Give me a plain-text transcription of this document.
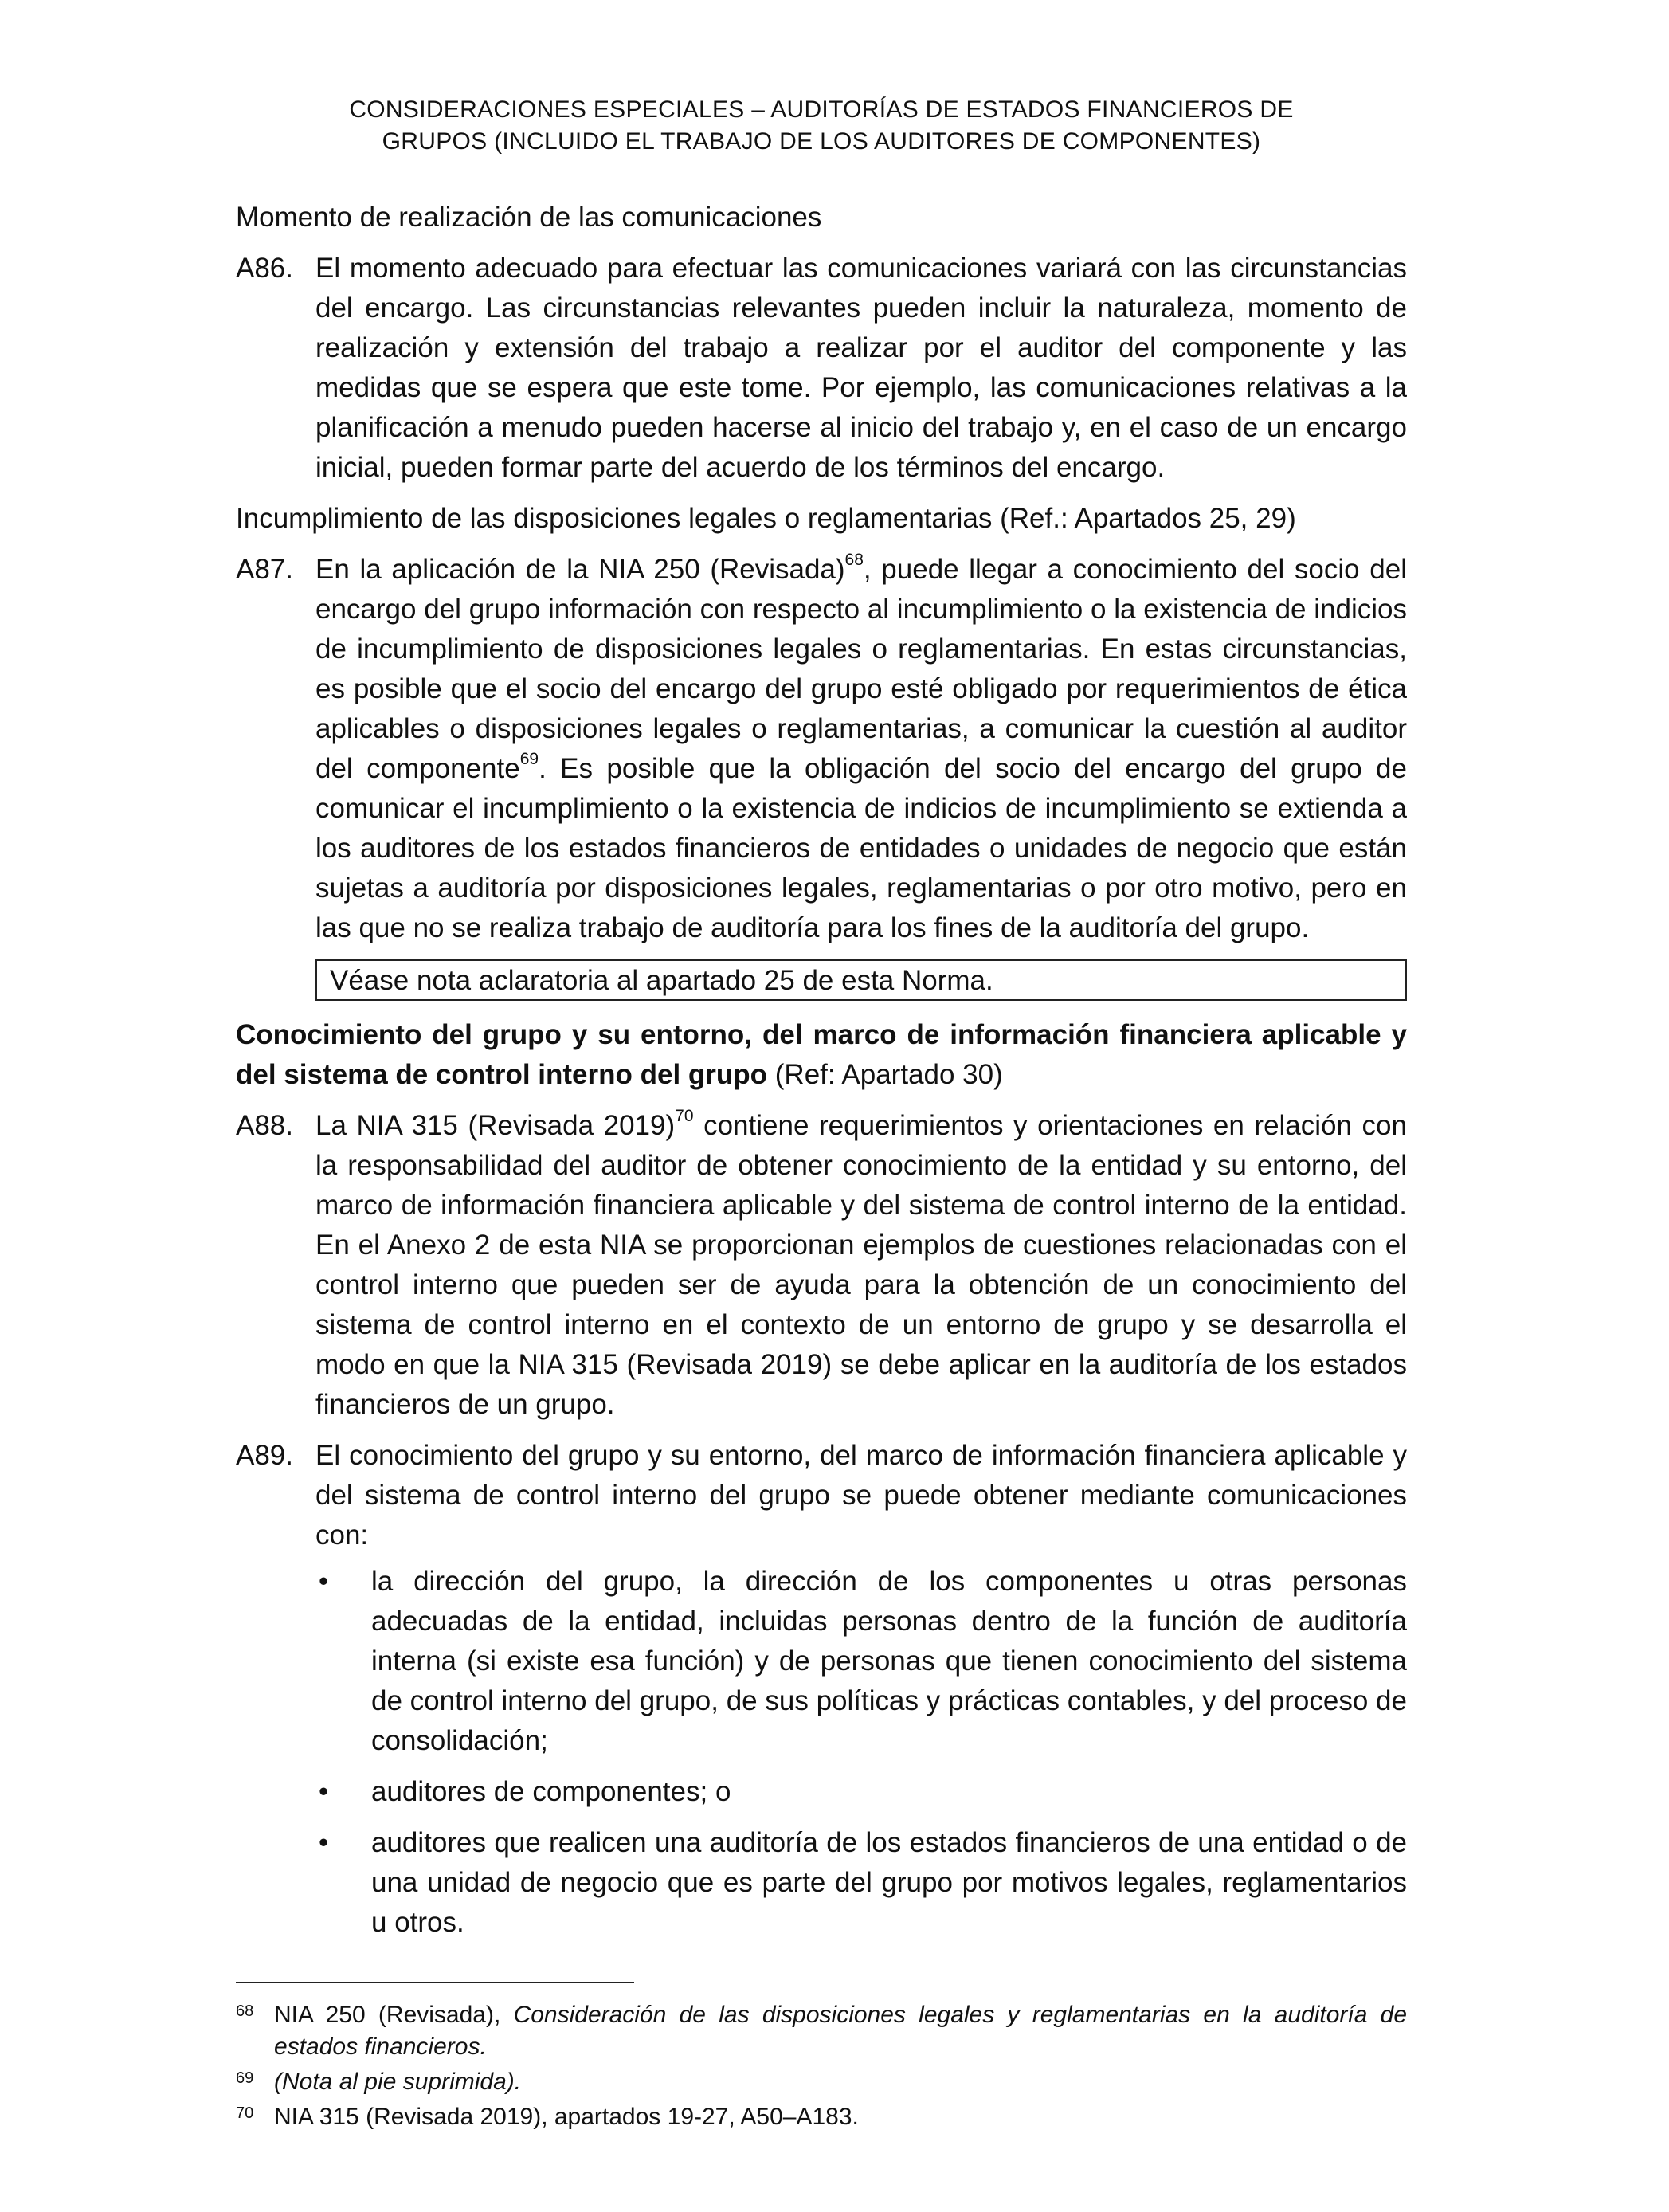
CONSIDERACIONES ESPECIALES – AUDITORÍAS DE ESTADOS FINANCIEROS DE
GRUPOS (INCLUIDO EL TRABAJO DE LOS AUDITORES DE COMPONENTES)
Momento de realización de las comunicaciones
A86. El momento adecuado para efectuar las comunicaciones variará con las circunstancias del encargo. Las circunstancias relevantes pueden incluir la naturaleza, momento de realización y extensión del trabajo a realizar por el auditor del componente y las medidas que se espera que este tome. Por ejemplo, las comunicaciones relativas a la planificación a menudo pueden hacerse al inicio del trabajo y, en el caso de un encargo inicial, pueden formar parte del acuerdo de los términos del encargo.
Incumplimiento de las disposiciones legales o reglamentarias (Ref.: Apartados 25, 29)
A87. En la aplicación de la NIA 250 (Revisada)$^{68}$, puede llegar a conocimiento del socio del encargo del grupo información con respecto al incumplimiento o la existencia de indicios de incumplimiento de disposiciones legales o reglamentarias. En estas circunstancias, es posible que el socio del encargo del grupo esté obligado por requerimientos de ética aplicables o disposiciones legales o reglamentarias, a comunicar la cuestión al auditor del componente$^{69}$. Es posible que la obligación del socio del encargo del grupo de comunicar el incumplimiento o la existencia de indicios de incumplimiento se extienda a los auditores de los estados financieros de entidades o unidades de negocio que están sujetas a auditoría por disposiciones legales, reglamentarias o por otro motivo, pero en las que no se realiza trabajo de auditoría para los fines de la auditoría del grupo.
Véase nota aclaratoria al apartado 25 de esta Norma.
Conocimiento del grupo y su entorno, del marco de información financiera aplicable y del sistema de control interno del grupo (Ref: Apartado 30)
A88. La NIA 315 (Revisada 2019)$^{70}$ contiene requerimientos y orientaciones en relación con la responsabilidad del auditor de obtener conocimiento de la entidad y su entorno, del marco de información financiera aplicable y del sistema de control interno de la entidad. En el Anexo 2 de esta NIA se proporcionan ejemplos de cuestiones relacionadas con el control interno que pueden ser de ayuda para la obtención de un conocimiento del sistema de control interno en el contexto de un entorno de grupo y se desarrolla el modo en que la NIA 315 (Revisada 2019) se debe aplicar en la auditoría de los estados financieros de un grupo.
A89. El conocimiento del grupo y su entorno, del marco de información financiera aplicable y del sistema de control interno del grupo se puede obtener mediante comunicaciones con:
•	la dirección del grupo, la dirección de los componentes u otras personas adecuadas de la entidad, incluidas personas dentro de la función de auditoría interna (si existe esa función) y de personas que tienen conocimiento del sistema de control interno del grupo, de sus políticas y prácticas contables, y del proceso de consolidación;
•	auditores de componentes; o
•	auditores que realicen una auditoría de los estados financieros de una entidad o de una unidad de negocio que es parte del grupo por motivos legales, reglamentarios u otros.
68 NIA 250 (Revisada), Consideración de las disposiciones legales y reglamentarias en la auditoría de estados financieros.
69 (Nota al pie suprimida).
70 NIA 315 (Revisada 2019), apartados 19-27, A50–A183.
